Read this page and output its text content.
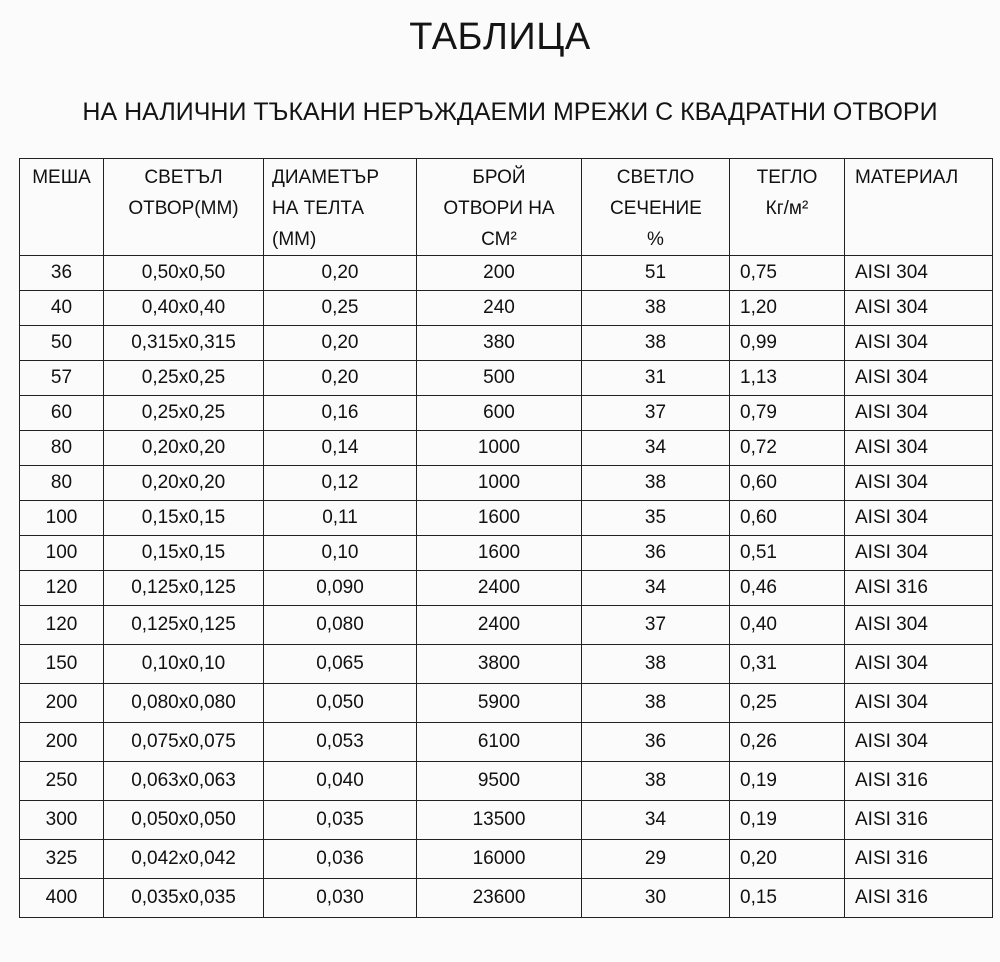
ТАБЛИЦА
НА НАЛИЧНИ ТЪКАНИ НЕРЪЖДАЕМИ МРЕЖИ С КВАДРАТНИ ОТВОРИ
МЕША	СВЕТЪЛ ОТВОР(ММ)	ДИАМЕТЪР НА ТЕЛТА (ММ)	БРОЙ ОТВОРИ НА СМ²	СВЕТЛО СЕЧЕНИЕ %	ТЕГЛО Кг/м²	МАТЕРИАЛ
36	0,50x0,50	0,20	200	51	0,75	AISI 304
40	0,40x0,40	0,25	240	38	1,20	AISI 304
50	0,315x0,315	0,20	380	38	0,99	AISI 304
57	0,25x0,25	0,20	500	31	1,13	AISI 304
60	0,25x0,25	0,16	600	37	0,79	AISI 304
80	0,20x0,20	0,14	1000	34	0,72	AISI 304
80	0,20x0,20	0,12	1000	38	0,60	AISI 304
100	0,15x0,15	0,11	1600	35	0,60	AISI 304
100	0,15x0,15	0,10	1600	36	0,51	AISI 304
120	0,125x0,125	0,090	2400	34	0,46	AISI 316
120	0,125x0,125	0,080	2400	37	0,40	AISI 304
150	0,10x0,10	0,065	3800	38	0,31	AISI 304
200	0,080x0,080	0,050	5900	38	0,25	AISI 304
200	0,075x0,075	0,053	6100	36	0,26	AISI 304
250	0,063x0,063	0,040	9500	38	0,19	AISI 316
300	0,050x0,050	0,035	13500	34	0,19	AISI 316
325	0,042x0,042	0,036	16000	29	0,20	AISI 316
400	0,035x0,035	0,030	23600	30	0,15	AISI 316
